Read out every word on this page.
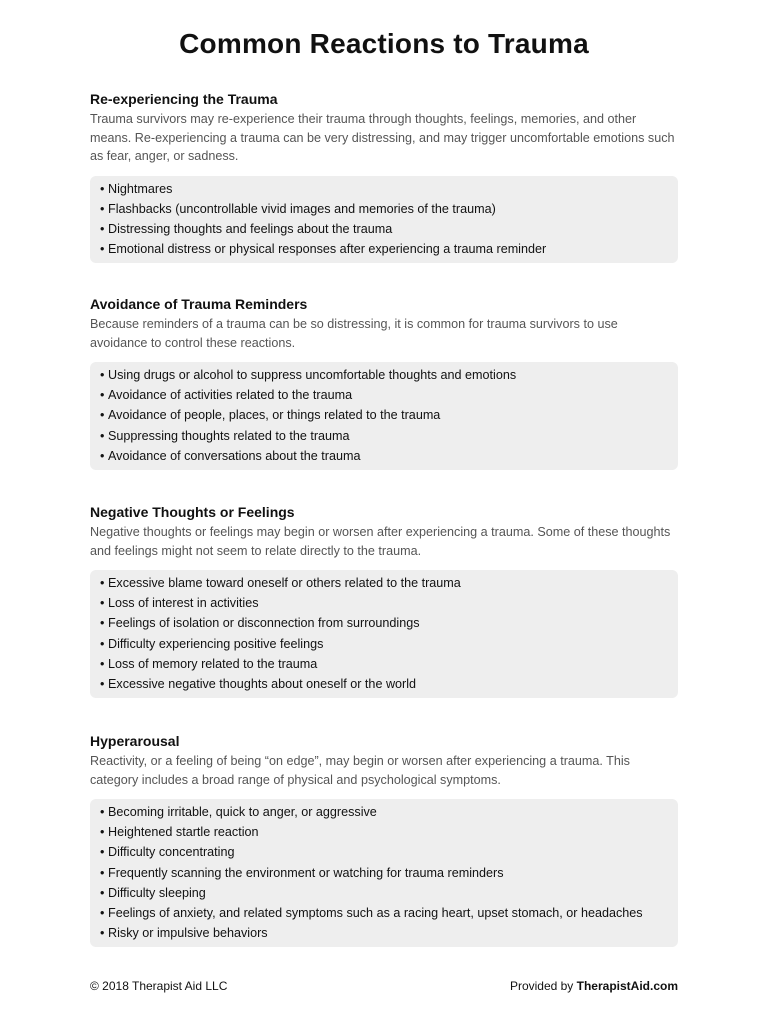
Common Reactions to Trauma
Re-experiencing the Trauma

Trauma survivors may re-experience their trauma through thoughts, feelings, memories, and other means. Re-experiencing a trauma can be very distressing, and may trigger uncomfortable emotions such as fear, anger, or sadness.

• Nightmares
• Flashbacks (uncontrollable vivid images and memories of the trauma)
• Distressing thoughts and feelings about the trauma
• Emotional distress or physical responses after experiencing a trauma reminder
Avoidance of Trauma Reminders

Because reminders of a trauma can be so distressing, it is common for trauma survivors to use avoidance to control these reactions.

• Using drugs or alcohol to suppress uncomfortable thoughts and emotions
• Avoidance of activities related to the trauma
• Avoidance of people, places, or things related to the trauma
• Suppressing thoughts related to the trauma
• Avoidance of conversations about the trauma
Negative Thoughts or Feelings

Negative thoughts or feelings may begin or worsen after experiencing a trauma. Some of these thoughts and feelings might not seem to relate directly to the trauma.

• Excessive blame toward oneself or others related to the trauma
• Loss of interest in activities
• Feelings of isolation or disconnection from surroundings
• Difficulty experiencing positive feelings
• Loss of memory related to the trauma
• Excessive negative thoughts about oneself or the world
Hyperarousal

Reactivity, or a feeling of being “on edge”, may begin or worsen after experiencing a trauma. This category includes a broad range of physical and psychological symptoms.

• Becoming irritable, quick to anger, or aggressive
• Heightened startle reaction
• Difficulty concentrating
• Frequently scanning the environment or watching for trauma reminders
• Difficulty sleeping
• Feelings of anxiety, and related symptoms such as a racing heart, upset stomach, or headaches
• Risky or impulsive behaviors
© 2018 Therapist Aid LLC	Provided by TherapistAid.com
